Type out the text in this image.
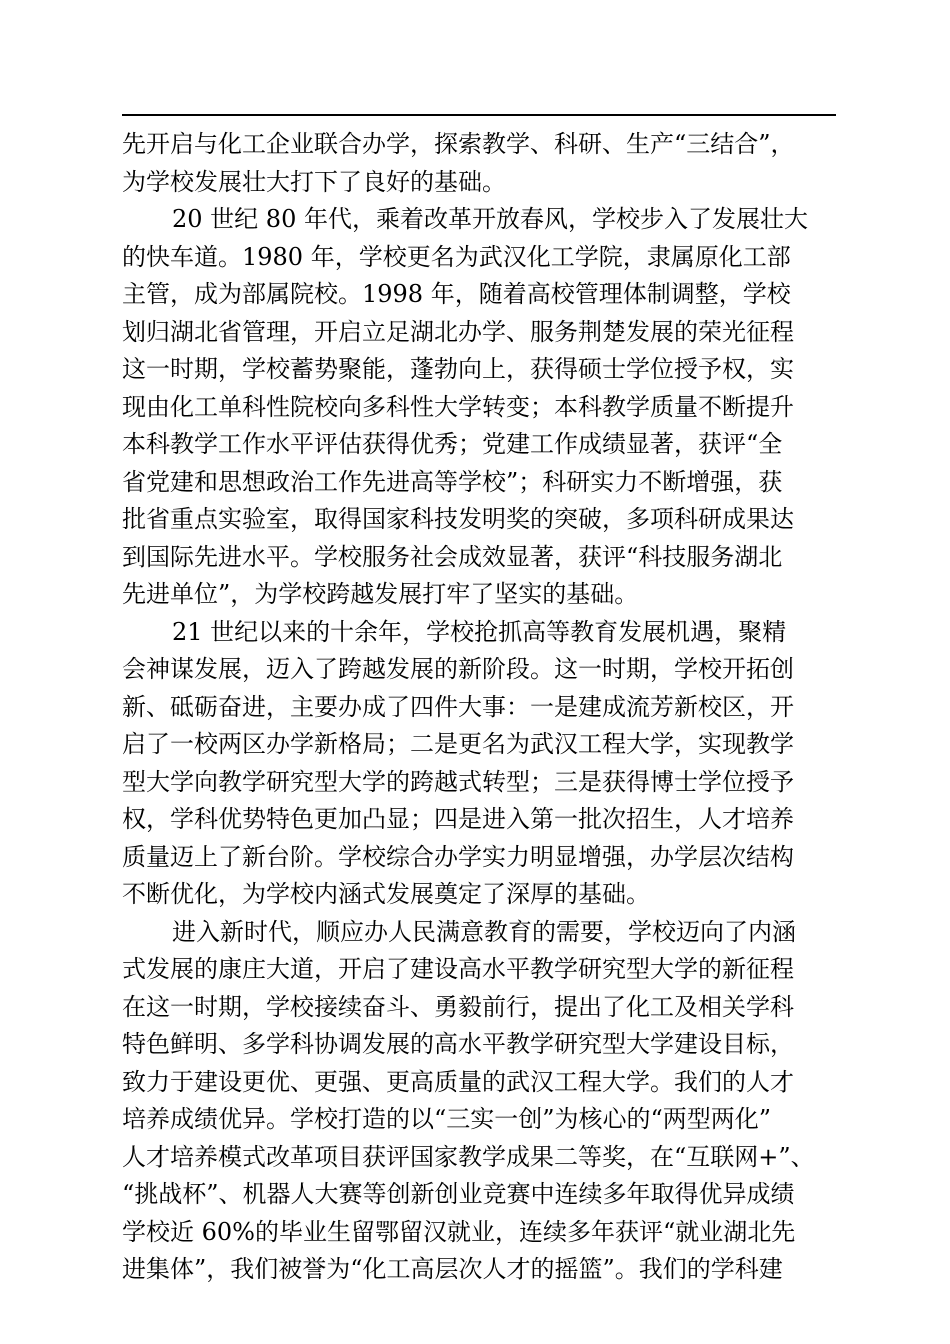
先开启与化工企业联合办学，探索教学、科研、生产“三结合”，
为学校发展壮大打下了良好的基础。
20 世纪 80 年代，乘着改革开放春风，学校步入了发展壮大
的快车道。1980 年，学校更名为武汉化工学院，隶属原化工部
主管，成为部属院校。1998 年，随着高校管理体制调整，学校
划归湖北省管理，开启立足湖北办学、服务荆楚发展的荣光征程
这一时期，学校蓄势聚能，蓬勃向上，获得硕士学位授予权，实
现由化工单科性院校向多科性大学转变；本科教学质量不断提升
本科教学工作水平评估获得优秀；党建工作成绩显著，获评“全
省党建和思想政治工作先进高等学校”；科研实力不断增强，获
批省重点实验室，取得国家科技发明奖的突破，多项科研成果达
到国际先进水平。学校服务社会成效显著，获评“科技服务湖北
先进单位”，为学校跨越发展打牢了坚实的基础。
21 世纪以来的十余年，学校抢抓高等教育发展机遇，聚精
会神谋发展，迈入了跨越发展的新阶段。这一时期，学校开拓创
新、砥砺奋进，主要办成了四件大事：一是建成流芳新校区，开
启了一校两区办学新格局；二是更名为武汉工程大学，实现教学
型大学向教学研究型大学的跨越式转型；三是获得博士学位授予
权，学科优势特色更加凸显；四是进入第一批次招生，人才培养
质量迈上了新台阶。学校综合办学实力明显增强，办学层次结构
不断优化，为学校内涵式发展奠定了深厚的基础。
进入新时代，顺应办人民满意教育的需要，学校迈向了内涵
式发展的康庄大道，开启了建设高水平教学研究型大学的新征程
在这一时期，学校接续奋斗、勇毅前行，提出了化工及相关学科
特色鲜明、多学科协调发展的高水平教学研究型大学建设目标，
致力于建设更优、更强、更高质量的武汉工程大学。我们的人才
培养成绩优异。学校打造的以“三实一创”为核心的“两型两化”
人才培养模式改革项目获评国家教学成果二等奖，在“互联网+”、
“挑战杯”、机器人大赛等创新创业竞赛中连续多年取得优异成绩
学校近 60%的毕业生留鄂留汉就业，连续多年获评“就业湖北先
进集体”，我们被誉为“化工高层次人才的摇篮”。我们的学科建
